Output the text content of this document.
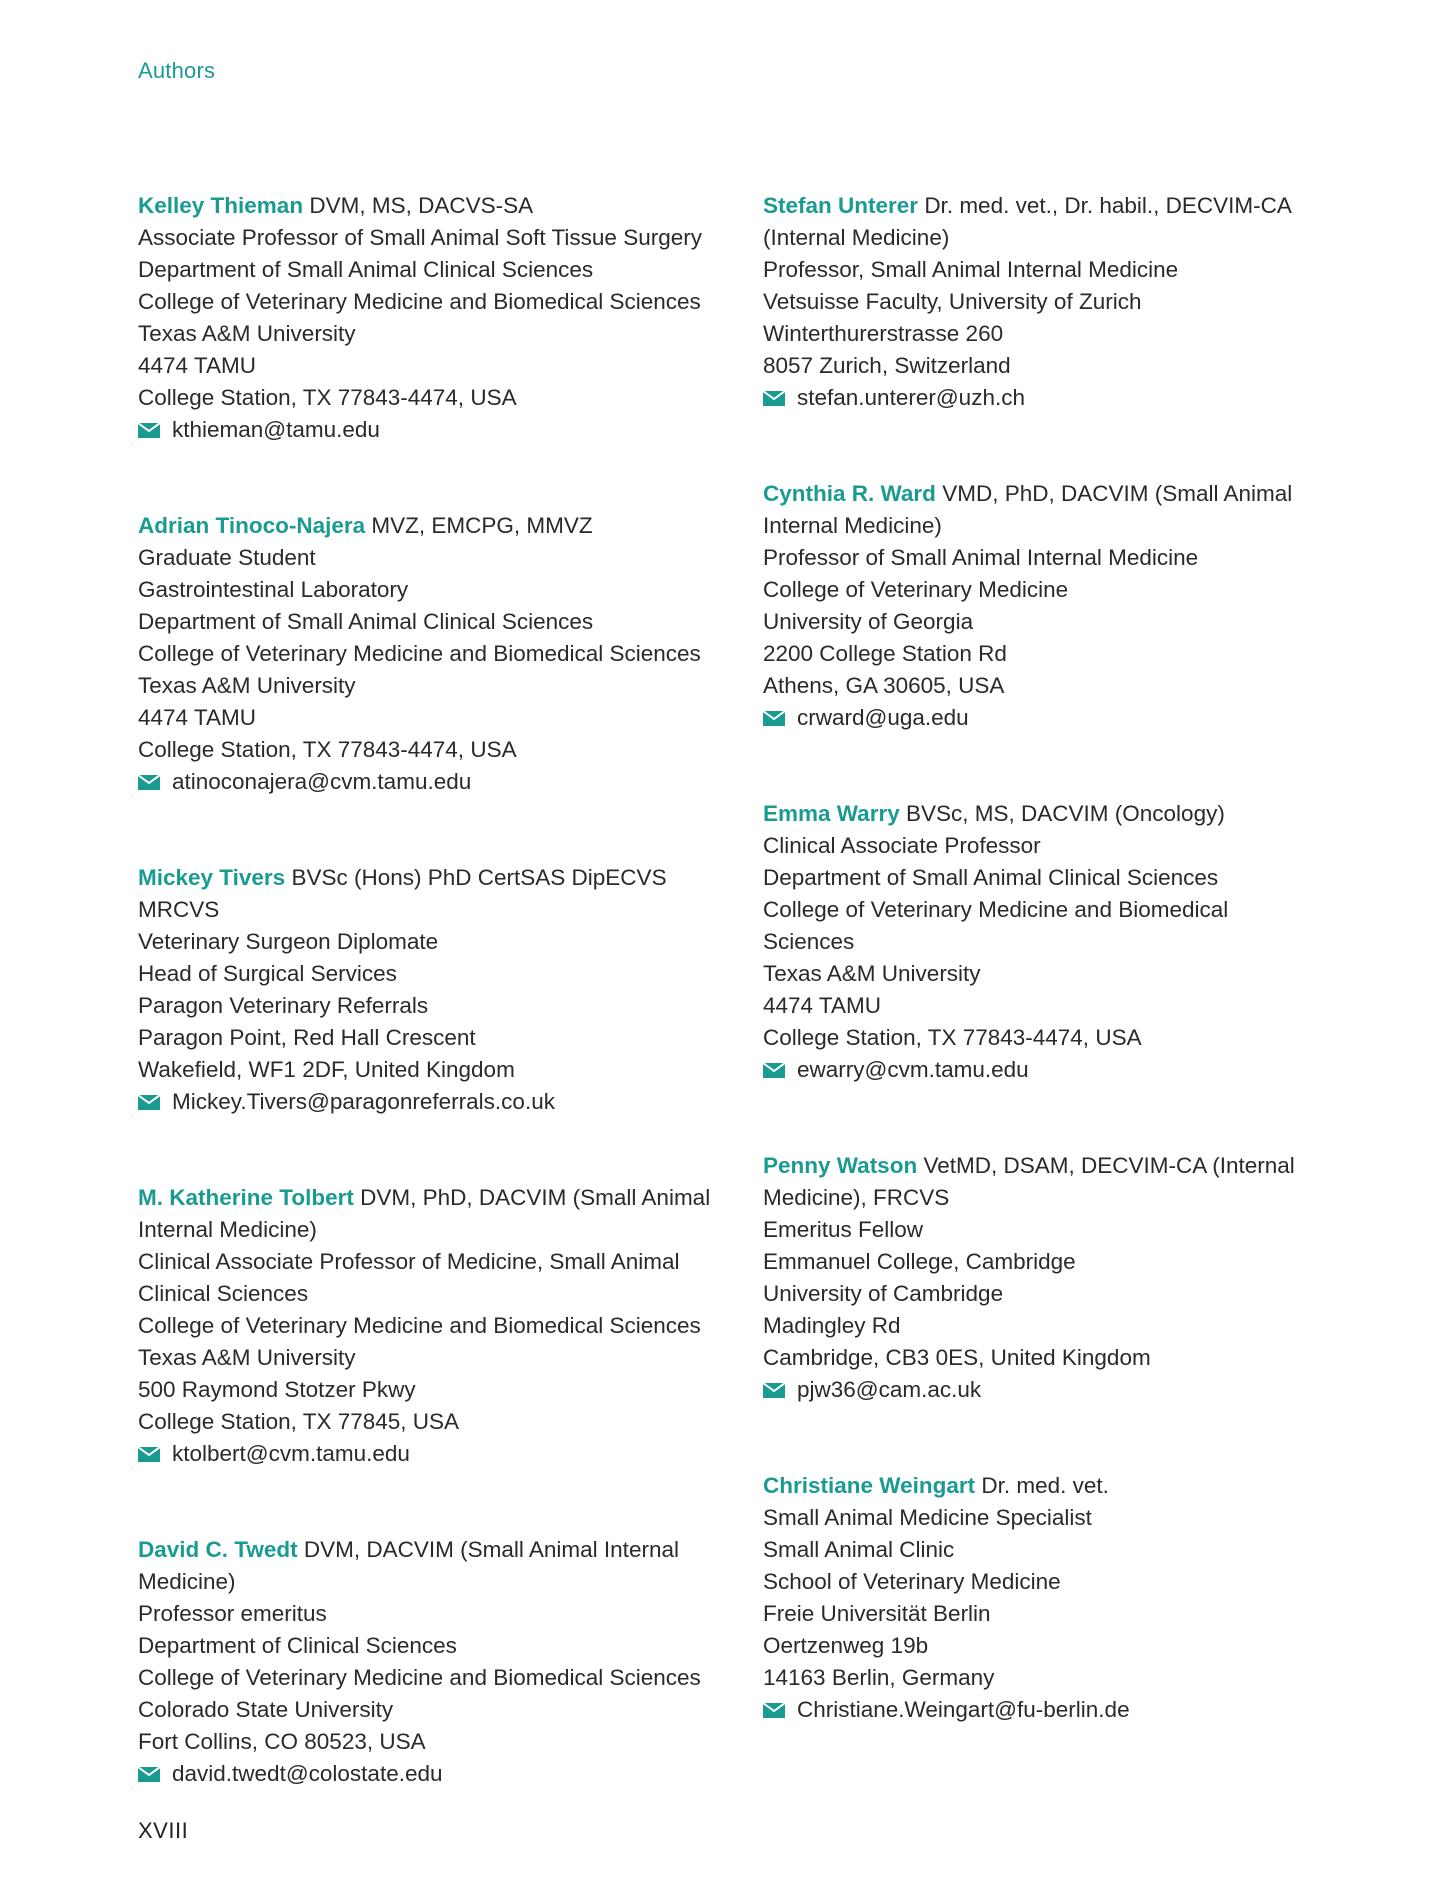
Authors
Kelley Thieman DVM, MS, DACVS-SA
Associate Professor of Small Animal Soft Tissue Surgery
Department of Small Animal Clinical Sciences
College of Veterinary Medicine and Biomedical Sciences
Texas A&M University
4474 TAMU
College Station, TX 77843-4474, USA
kthieman@tamu.edu
Adrian Tinoco-Najera MVZ, EMCPG, MMVZ
Graduate Student
Gastrointestinal Laboratory
Department of Small Animal Clinical Sciences
College of Veterinary Medicine and Biomedical Sciences
Texas A&M University
4474 TAMU
College Station, TX 77843-4474, USA
atinoconajera@cvm.tamu.edu
Mickey Tivers BVSc (Hons) PhD CertSAS DipECVS MRCVS
Veterinary Surgeon Diplomate
Head of Surgical Services
Paragon Veterinary Referrals
Paragon Point, Red Hall Crescent
Wakefield, WF1 2DF, United Kingdom
Mickey.Tivers@paragonreferrals.co.uk
M. Katherine Tolbert DVM, PhD, DACVIM (Small Animal Internal Medicine)
Clinical Associate Professor of Medicine, Small Animal Clinical Sciences
College of Veterinary Medicine and Biomedical Sciences
Texas A&M University
500 Raymond Stotzer Pkwy
College Station, TX 77845, USA
ktolbert@cvm.tamu.edu
David C. Twedt DVM, DACVIM (Small Animal Internal Medicine)
Professor emeritus
Department of Clinical Sciences
College of Veterinary Medicine and Biomedical Sciences
Colorado State University
Fort Collins, CO 80523, USA
david.twedt@colostate.edu
Stefan Unterer Dr. med. vet., Dr. habil., DECVIM-CA (Internal Medicine)
Professor, Small Animal Internal Medicine
Vetsuisse Faculty, University of Zurich
Winterthurerstrasse 260
8057 Zurich, Switzerland
stefan.unterer@uzh.ch
Cynthia R. Ward VMD, PhD, DACVIM (Small Animal Internal Medicine)
Professor of Small Animal Internal Medicine
College of Veterinary Medicine
University of Georgia
2200 College Station Rd
Athens, GA 30605, USA
crward@uga.edu
Emma Warry BVSc, MS, DACVIM (Oncology)
Clinical Associate Professor
Department of Small Animal Clinical Sciences
College of Veterinary Medicine and Biomedical Sciences
Texas A&M University
4474 TAMU
College Station, TX 77843-4474, USA
ewarry@cvm.tamu.edu
Penny Watson VetMD, DSAM, DECVIM-CA (Internal Medicine), FRCVS
Emeritus Fellow
Emmanuel College, Cambridge
University of Cambridge
Madingley Rd
Cambridge, CB3 0ES, United Kingdom
pjw36@cam.ac.uk
Christiane Weingart Dr. med. vet.
Small Animal Medicine Specialist
Small Animal Clinic
School of Veterinary Medicine
Freie Universität Berlin
Oertzenweg 19b
14163 Berlin, Germany
Christiane.Weingart@fu-berlin.de
XVIII
